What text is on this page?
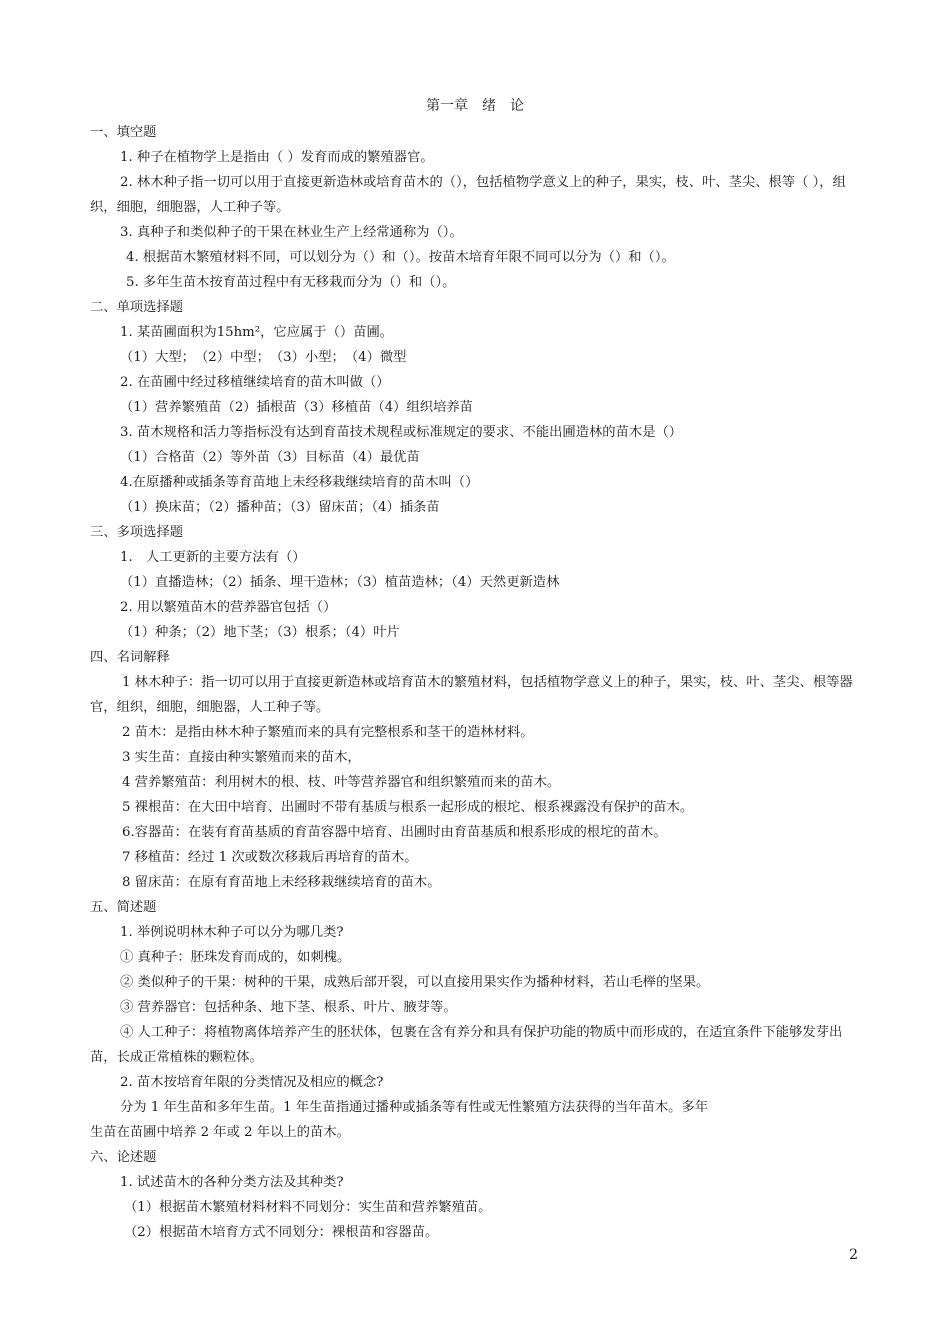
第一章　绪　论

一、填空题

1. 种子在植物学上是指由（ ）发育而成的繁殖器官。

2. 林木种子指一切可以用于直接更新造林或培育苗木的（），包括植物学意义上的种子，果实，枝、叶、茎尖、根等（ ），组织，细胞，细胞器，人工种子等。

3. 真种子和类似种子的干果在林业生产上经常通称为（）。

4. 根据苗木繁殖材料不同，可以划分为（）和（）。按苗木培育年限不同可以分为（）和（）。

5. 多年生苗木按育苗过程中有无移栽而分为（）和（）。

二、单项选择题

1. 某苗圃面积为15hm²，它应属于（）苗圃。

（1）大型；　（2）中型；　（3）小型；　（4）微型

2. 在苗圃中经过移植继续培育的苗木叫做（）

（1）营养繁殖苗（2）插根苗（3）移植苗（4）组织培养苗

3. 苗木规格和活力等指标没有达到育苗技术规程或标准规定的要求、不能出圃造林的苗木是（）

（1）合格苗（2）等外苗（3）目标苗（4）最优苗

4.在原播种或插条等育苗地上未经移栽继续培育的苗木叫（）

（1）换床苗；（2）播种苗；（3）留床苗；（4）插条苗

三、多项选择题

1.　人工更新的主要方法有（）

（1）直播造林；（2）插条、埋干造林；（3）植苗造林；（4）天然更新造林

2. 用以繁殖苗木的营养器官包括（）

（1）种条；（2）地下茎；（3）根系；（4）叶片

四、名词解释

1 林木种子：指一切可以用于直接更新造林或培育苗木的繁殖材料，包括植物学意义上的种子，果实，枝、叶、茎尖、根等器官，组织，细胞，细胞器，人工种子等。

2 苗木：是指由林木种子繁殖而来的具有完整根系和茎干的造林材料。

3 实生苗：直接由种实繁殖而来的苗木，

4 营养繁殖苗：利用树木的根、枝、叶等营养器官和组织繁殖而来的苗木。

5 裸根苗：在大田中培育、出圃时不带有基质与根系一起形成的根坨、根系裸露没有保护的苗木。

6.容器苗：在装有育苗基质的育苗容器中培育、出圃时由育苗基质和根系形成的根坨的苗木。

7 移植苗：经过 1 次或数次移栽后再培育的苗木。

8 留床苗：在原有育苗地上未经移栽继续培育的苗木。

五、简述题

1. 举例说明林木种子可以分为哪几类?

① 真种子：胚珠发育而成的，如刺槐。

② 类似种子的干果：树种的干果，成熟后部开裂，可以直接用果实作为播种材料，若山毛榉的坚果。

③ 营养器官：包括种条、地下茎、根系、叶片、腋芽等。

④ 人工种子：将植物离体培养产生的胚状体，包裹在含有养分和具有保护功能的物质中而形成的，在适宜条件下能够发芽出苗，长成正常植株的颗粒体。

2. 苗木按培育年限的分类情况及相应的概念?

分为 1 年生苗和多年生苗。1 年生苗指通过播种或插条等有性或无性繁殖方法获得的当年苗木。多年

生苗在苗圃中培养 2 年或 2 年以上的苗木。

六、论述题

1. 试述苗木的各种分类方法及其种类?

（1）根据苗木繁殖材料材料不同划分：实生苗和营养繁殖苗。

（2）根据苗木培育方式不同划分：裸根苗和容器苗。

2
